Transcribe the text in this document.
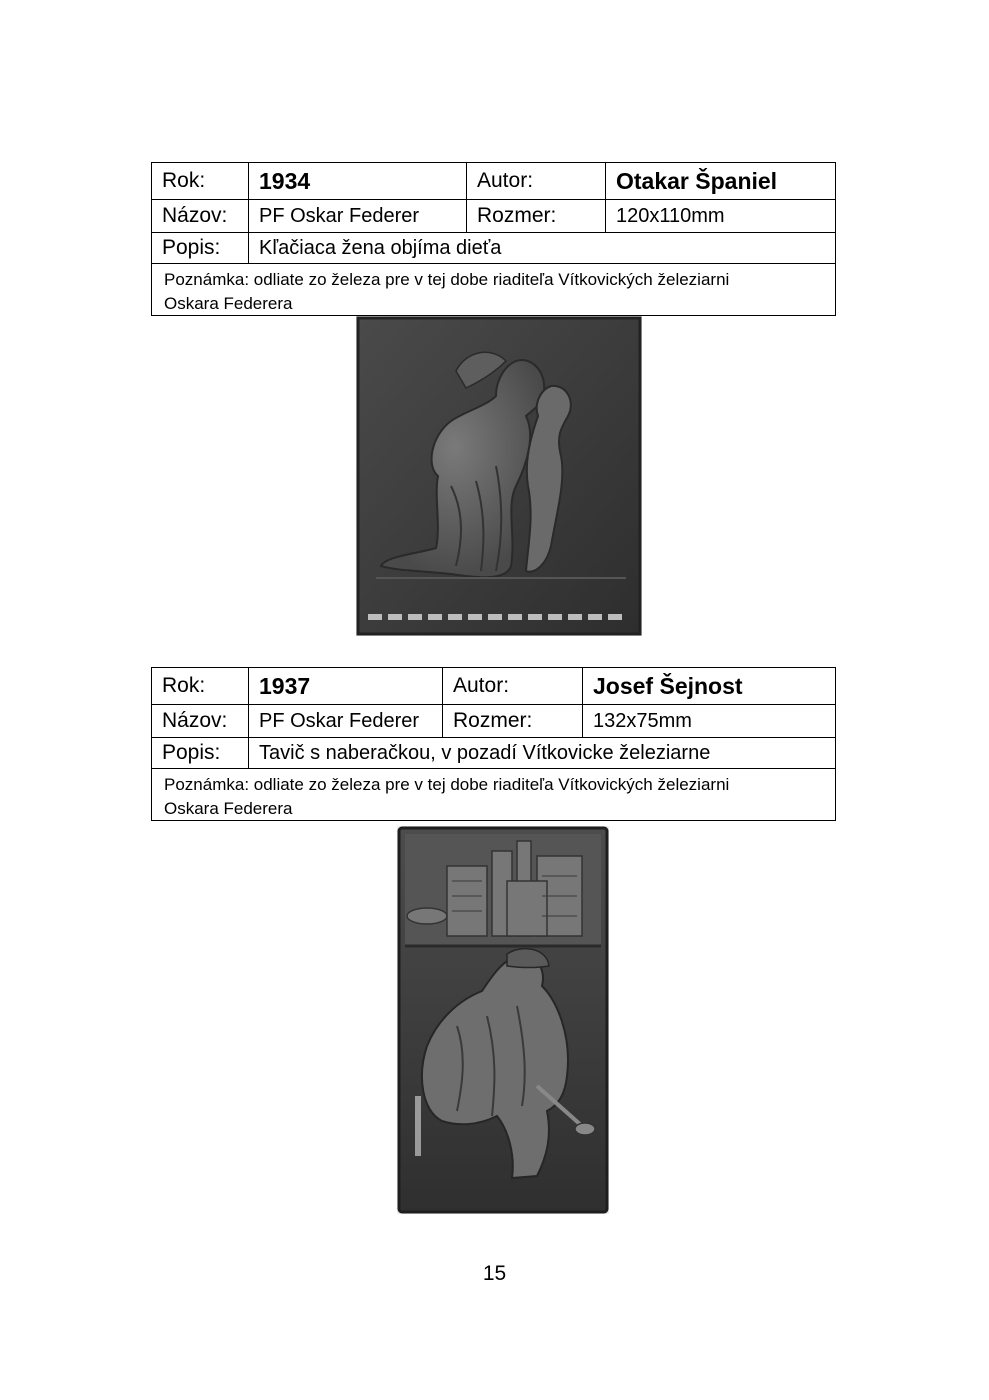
Rok:	1934	Autor:	Otakar Španiel
Názov:	PF Oskar Federer	Rozmer:	120x110mm
Popis:	Kľačiaca žena objíma dieťa
Poznámka: odliate zo železa pre v tej dobe riaditeľa Vítkovických železiarni
Oskara Federera
Rok:	1937	Autor:	Josef Šejnost
Názov:	PF Oskar Federer	Rozmer:	132x75mm
Popis:	Tavič s naberačkou, v pozadí Vítkovicke železiarne
Poznámka: odliate zo železa pre v tej dobe riaditeľa Vítkovických železiarni
Oskara Federera
15
